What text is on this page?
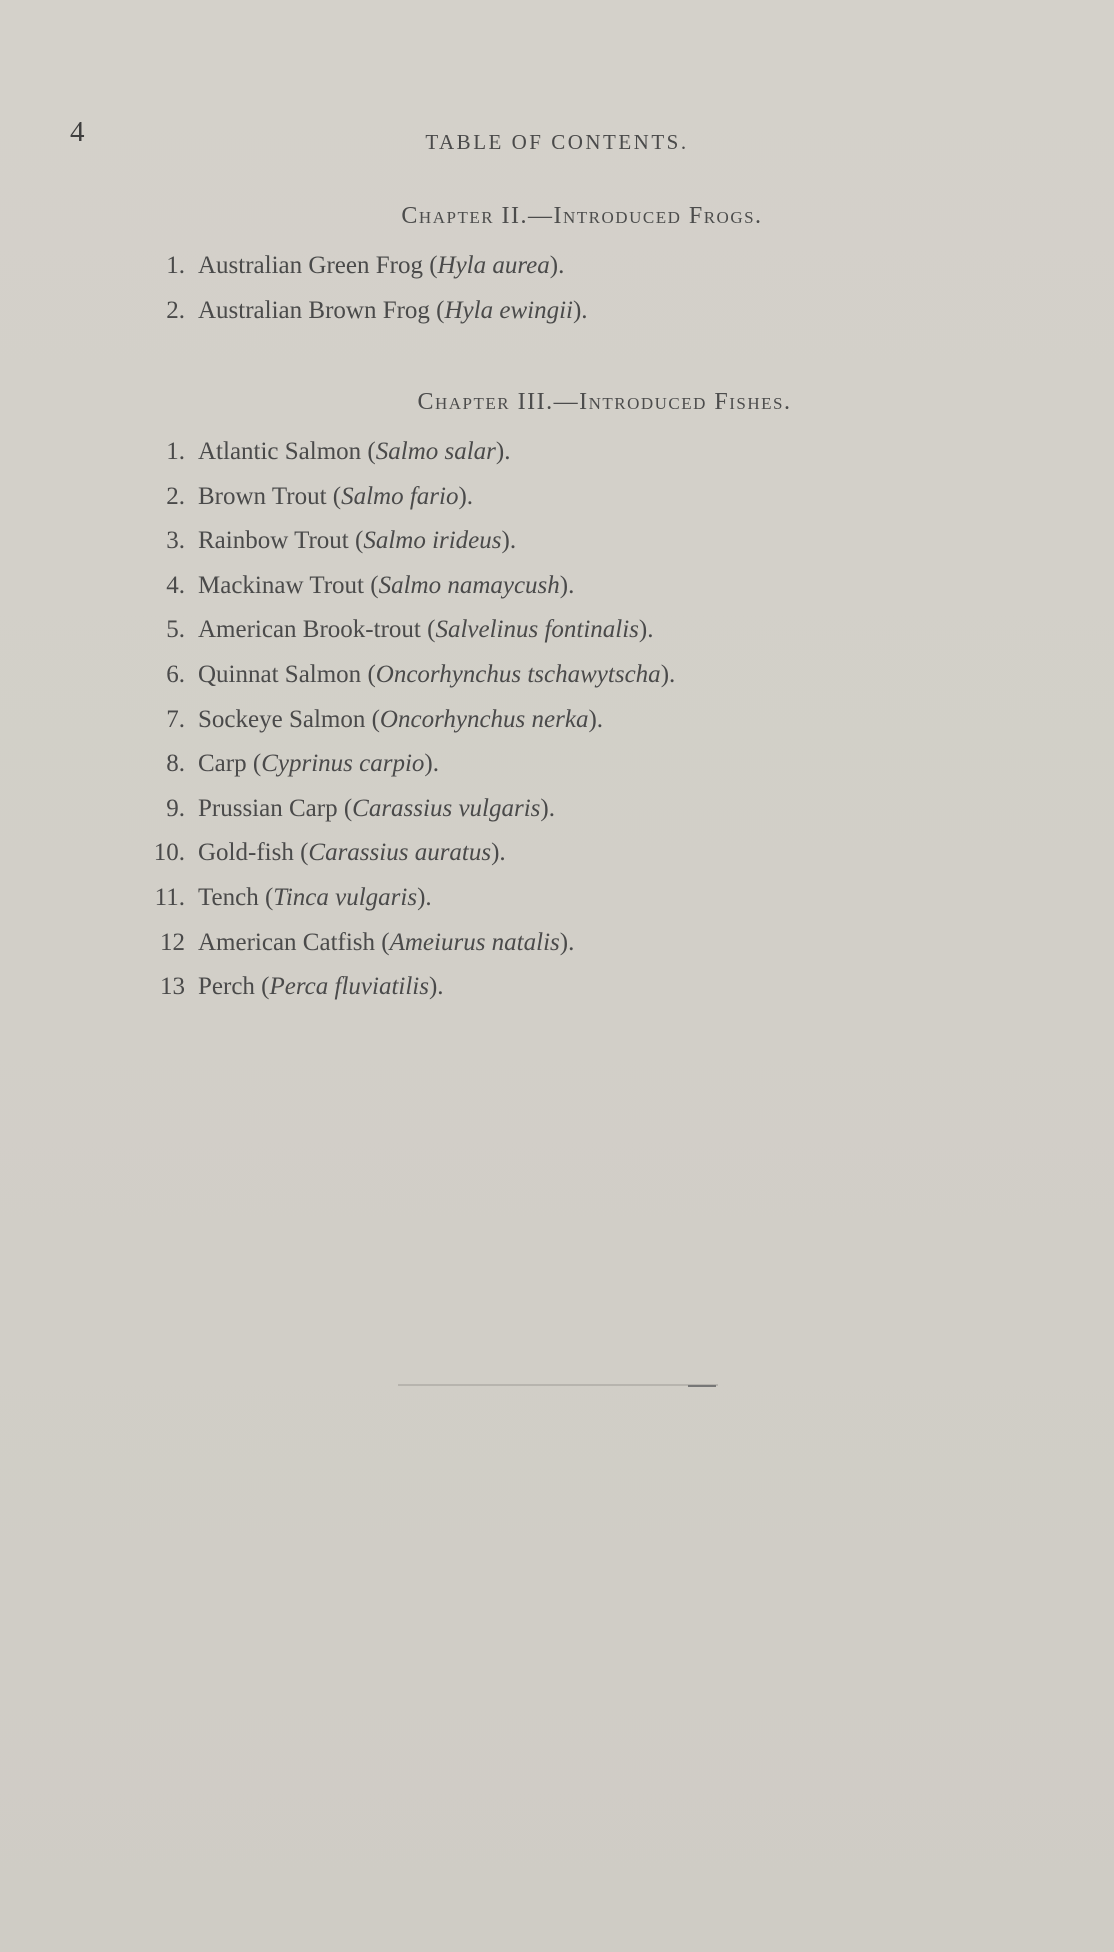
4	TABLE OF CONTENTS.
Chapter II.—Introduced Frogs.
1. Australian Green Frog (Hyla aurea).
2. Australian Brown Frog (Hyla ewingii).
Chapter III.—Introduced Fishes.
1. Atlantic Salmon (Salmo salar).
2. Brown Trout (Salmo fario).
3. Rainbow Trout (Salmo irideus).
4. Mackinaw Trout (Salmo namaycush).
5. American Brook-trout (Salvelinus fontinalis).
6. Quinnat Salmon (Oncorhynchus tschawytscha).
7. Sockeye Salmon (Oncorhynchus nerka).
8. Carp (Cyprinus carpio).
9. Prussian Carp (Carassius vulgaris).
10. Gold-fish (Carassius auratus).
11. Tench (Tinca vulgaris).
12 American Catfish (Ameiurus natalis).
13 Perch (Perca fluviatilis).
